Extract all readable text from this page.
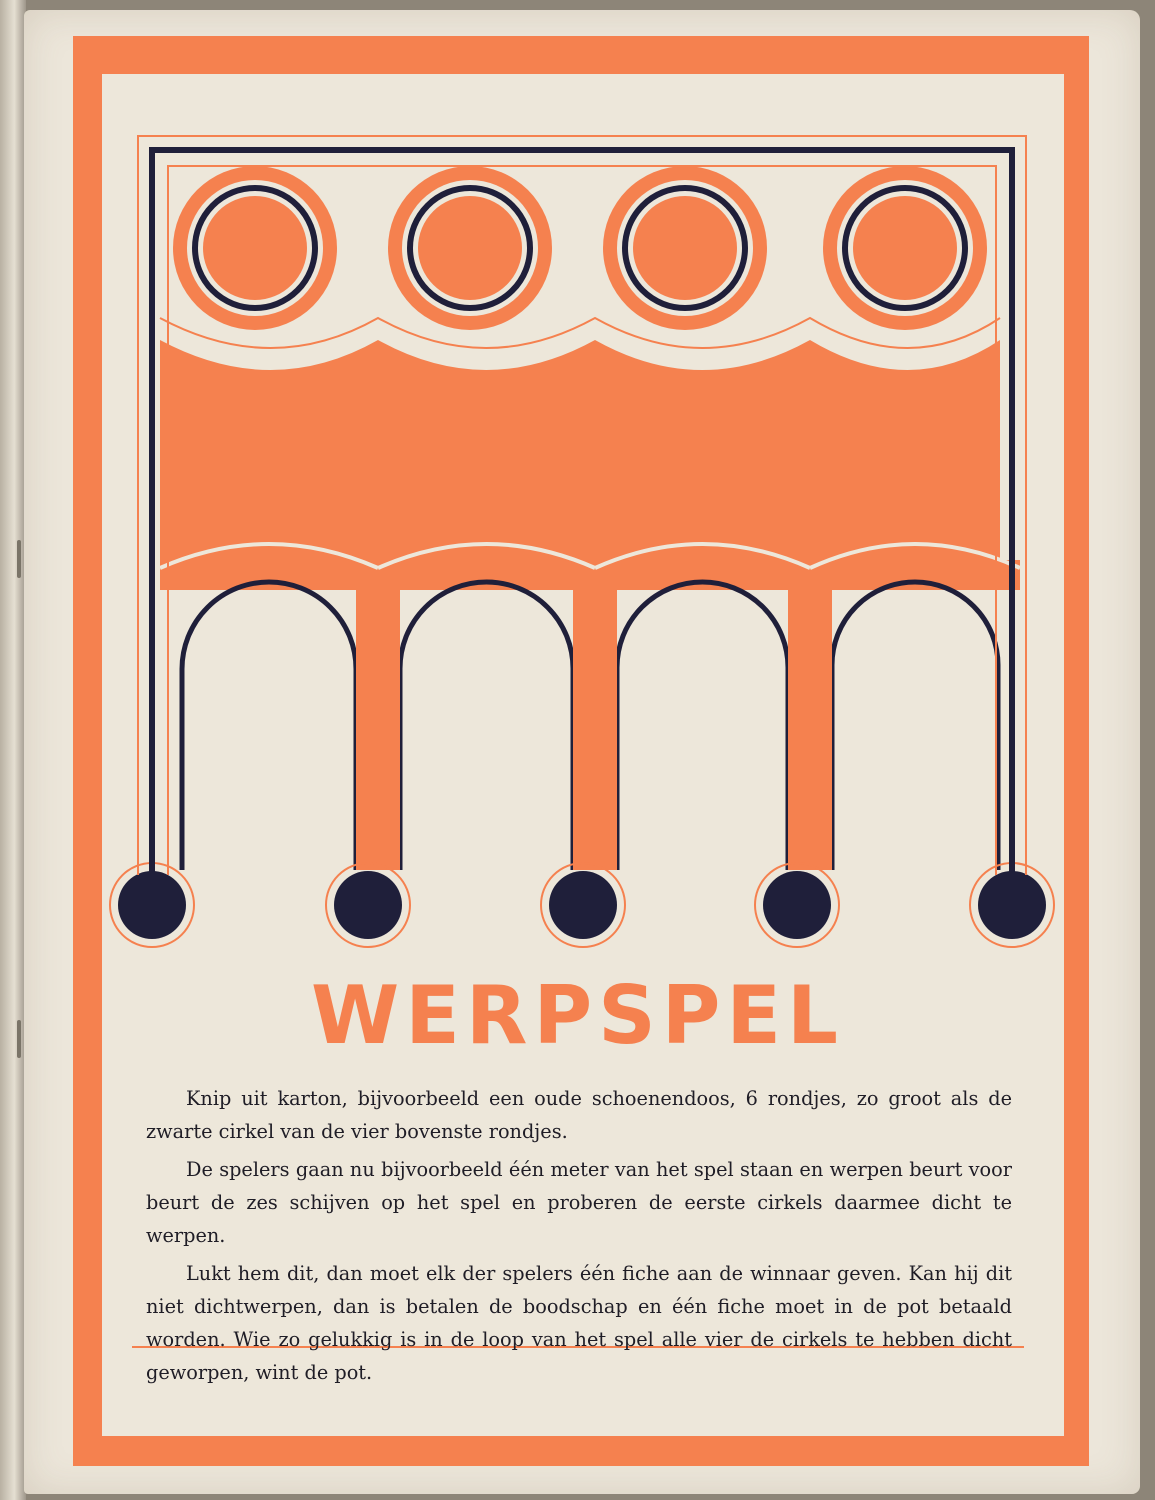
WERPSPEL

Knip uit karton, bijvoorbeeld een oude schoenendoos, 6 rondjes, zo groot als de zwarte cirkel van de vier bovenste rondjes.

De spelers gaan nu bijvoorbeeld één meter van het spel staan en werpen beurt voor beurt de zes schijven op het spel en proberen de eerste cirkels daarmee dicht te werpen.

Lukt hem dit, dan moet elk der spelers één fiche aan de winnaar geven. Kan hij dit niet dichtwerpen, dan is betalen de boodschap en één fiche moet in de pot betaald worden. Wie zo gelukkig is in de loop van het spel alle vier de cirkels te hebben dicht geworpen, wint de pot.
